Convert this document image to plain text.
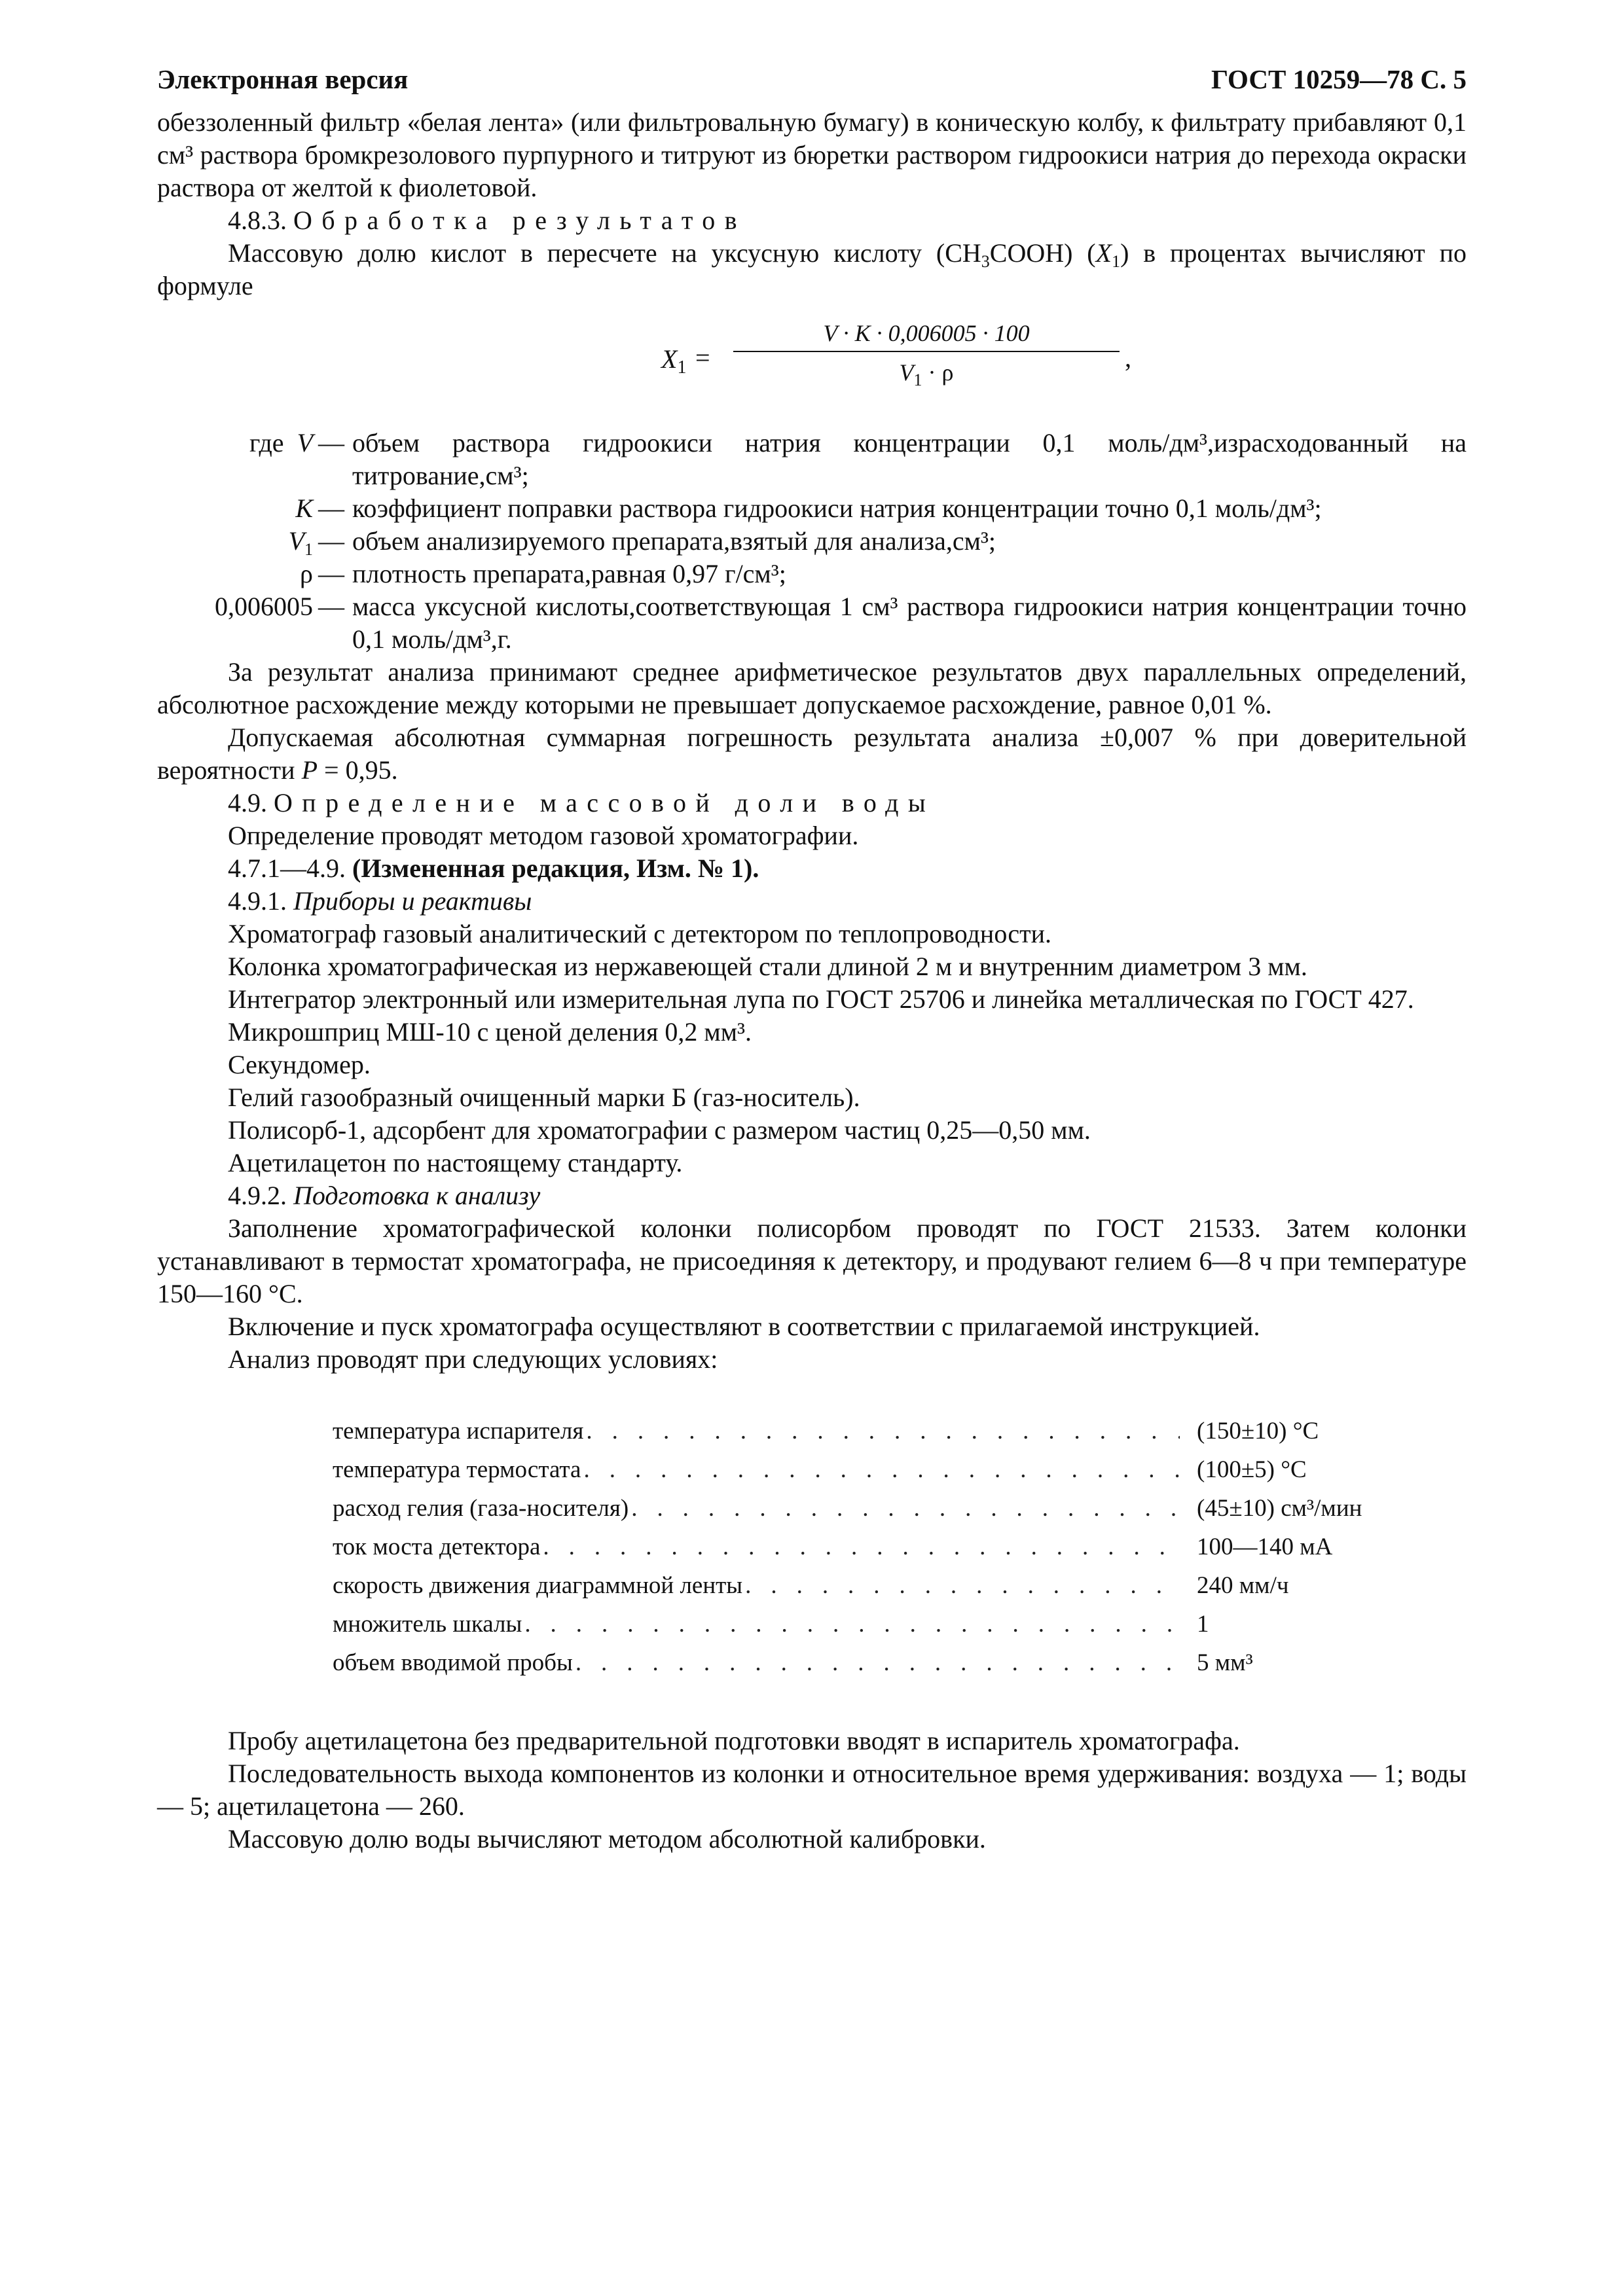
Электронная версия	ГОСТ 10259—78 С. 5

обеззоленный фильтр «белая лента» (или фильтровальную бумагу) в коническую колбу, к фильтрату прибавляют 0,1 см³ раствора бромкрезолового пурпурного и титруют из бюретки раствором гидроокиси натрия до перехода окраски раствора от желтой к фиолетовой.

4.8.3. Обработка результатов

Массовую долю кислот в пересчете на уксусную кислоту $(CH_3COOH)$ $(X_1)$ в процентах вычисляют по формуле

$X_1$ =
V · K · 0,006005 · 100
$V_1 \cdot \rho$	,
где V — объем раствора гидроокиси натрия концентрации 0,1 моль/дм³,израсходованный на титрование,см³;
K — коэффициент поправки раствора гидроокиси натрия концентрации точно 0,1 моль/дм³;
$V_1$ — объем анализируемого препарата,взятый для анализа,см³;
ρ — плотность препарата,равная 0,97 г/см³;
0,006005 — масса уксусной кислоты,соответствующая 1 см³ раствора гидроокиси натрия концентрации точно 0,1 моль/дм³,г.

За результат анализа принимают среднее арифметическое результатов двух параллельных определений, абсолютное расхождение между которыми не превышает допускаемое расхождение, равное 0,01 %.

Допускаемая абсолютная суммарная погрешность результата анализа ±0,007 % при доверительной вероятности P = 0,95.

4.9. Определение массовой доли воды

Определение проводят методом газовой хроматографии.

4.7.1—4.9. (Измененная редакция, Изм. № 1).

4.9.1. Приборы и реактивы

Хроматограф газовый аналитический с детектором по теплопроводности.

Колонка хроматографическая из нержавеющей стали длиной 2 м и внутренним диаметром 3 мм.

Интегратор электронный или измерительная лупа по ГОСТ 25706 и линейка металлическая по ГОСТ 427.

Микрошприц МШ-10 с ценой деления 0,2 мм³.

Секундомер.

Гелий газообразный очищенный марки Б (газ-носитель).

Полисорб-1, адсорбент для хроматографии с размером частиц 0,25—0,50 мм.

Ацетилацетон по настоящему стандарту.

4.9.2. Подготовка к анализу

Заполнение хроматографической колонки полисорбом проводят по ГОСТ 21533. Затем колонки устанавливают в термостат хроматографа, не присоединяя к детектору, и продувают гелием 6—8 ч при температуре 150—160 °С.

Включение и пуск хроматографа осуществляют в соответствии с прилагаемой инструкцией.

Анализ проводят при следующих условиях:

температура испарителя . . .	(150±10) °С
температура термостата . . .	(100±5) °С
расход гелия (газа-носителя) . . .	(45±10) см³/мин
ток моста детектора . . .	100—140 мА
скорость движения диаграммной ленты . . .	240 мм/ч
множитель шкалы . . .	1
объем вводимой пробы . . .	5 мм³

Пробу ацетилацетона без предварительной подготовки вводят в испаритель хроматографа.

Последовательность выхода компонентов из колонки и относительное время удерживания: воздуха — 1; воды — 5; ацетилацетона — 260.

Массовую долю воды вычисляют методом абсолютной калибровки.
